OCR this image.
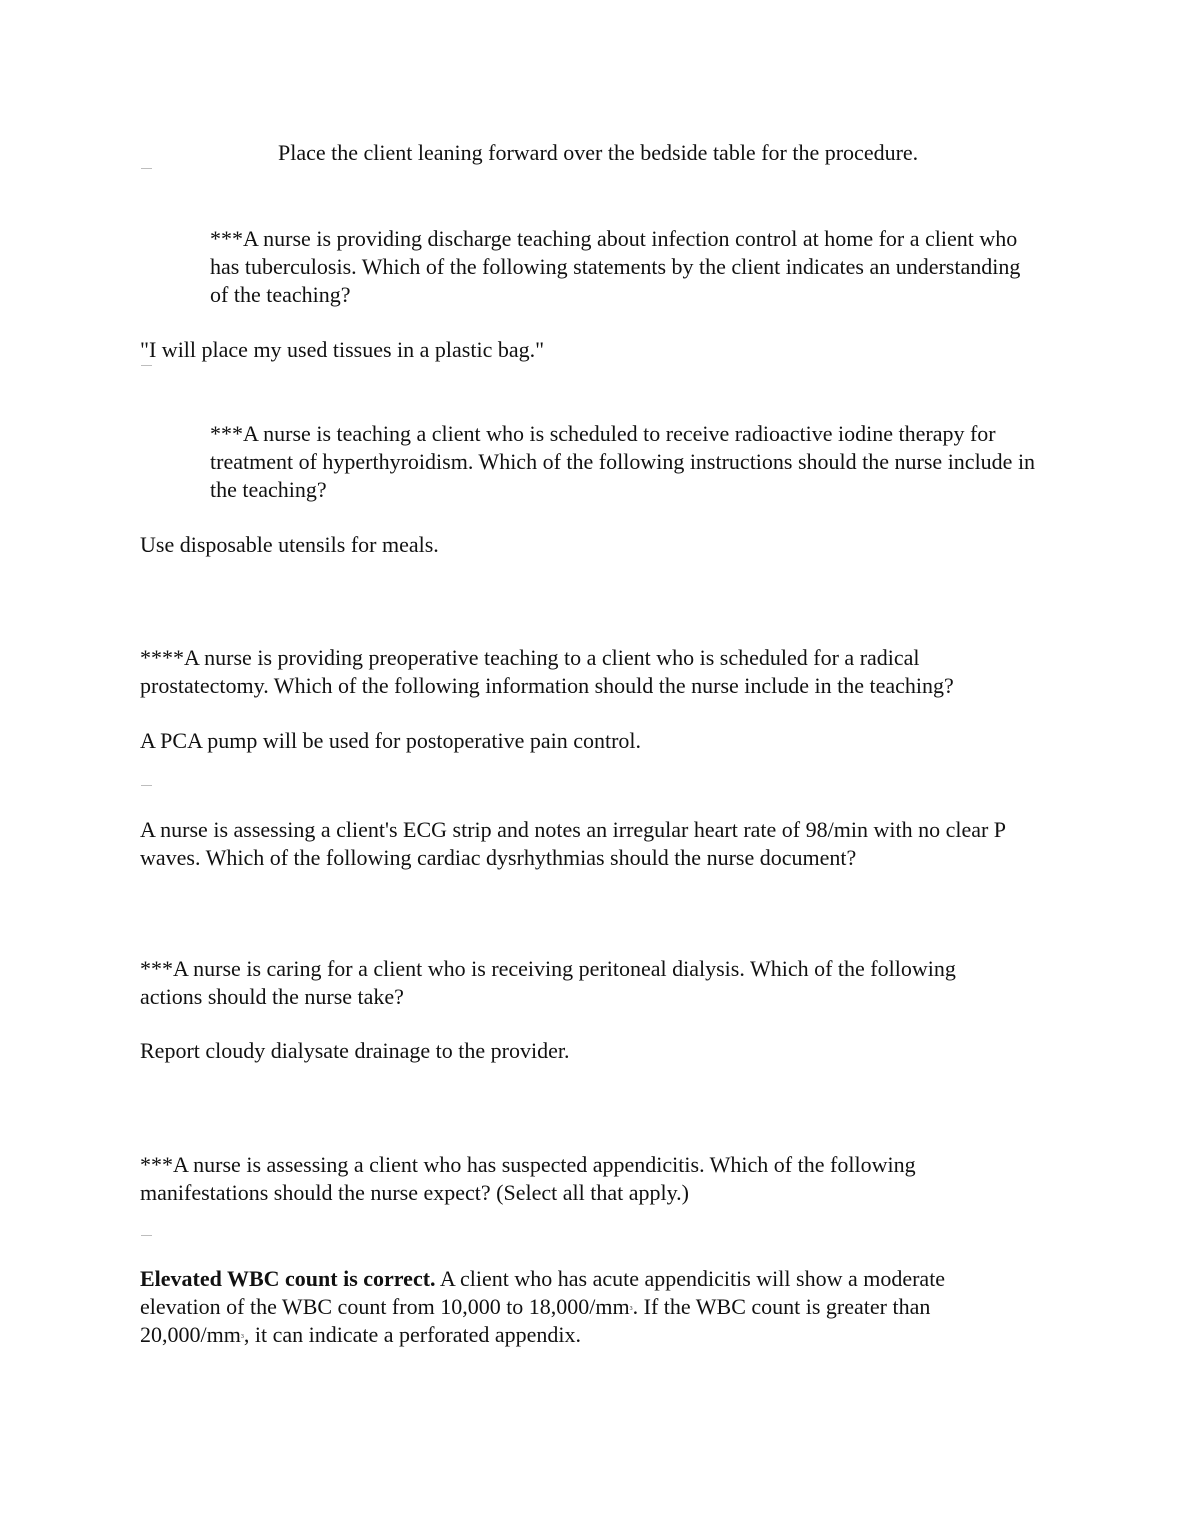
Place the client leaning forward over the bedside table for the procedure.

***A nurse is providing discharge teaching about infection control at home for a client who has tuberculosis. Which of the following statements by the client indicates an understanding of the teaching?

"I will place my used tissues in a plastic bag."

***A nurse is teaching a client who is scheduled to receive radioactive iodine therapy for treatment of hyperthyroidism. Which of the following instructions should the nurse include in the teaching?

Use disposable utensils for meals.

****A nurse is providing preoperative teaching to a client who is scheduled for a radical prostatectomy. Which of the following information should the nurse include in the teaching?

A PCA pump will be used for postoperative pain control.

A nurse is assessing a client's ECG strip and notes an irregular heart rate of 98/min with no clear P waves. Which of the following cardiac dysrhythmias should the nurse document?

***A nurse is caring for a client who is receiving peritoneal dialysis. Which of the following actions should the nurse take?

Report cloudy dialysate drainage to the provider.

***A nurse is assessing a client who has suspected appendicitis. Which of the following manifestations should the nurse expect? (Select all that apply.)

Elevated WBC count is correct. A client who has acute appendicitis will show a moderate elevation of the WBC count from 10,000 to $18,000/mm^3$. If the WBC count is greater than $20,000/mm^3$, it can indicate a perforated appendix.
